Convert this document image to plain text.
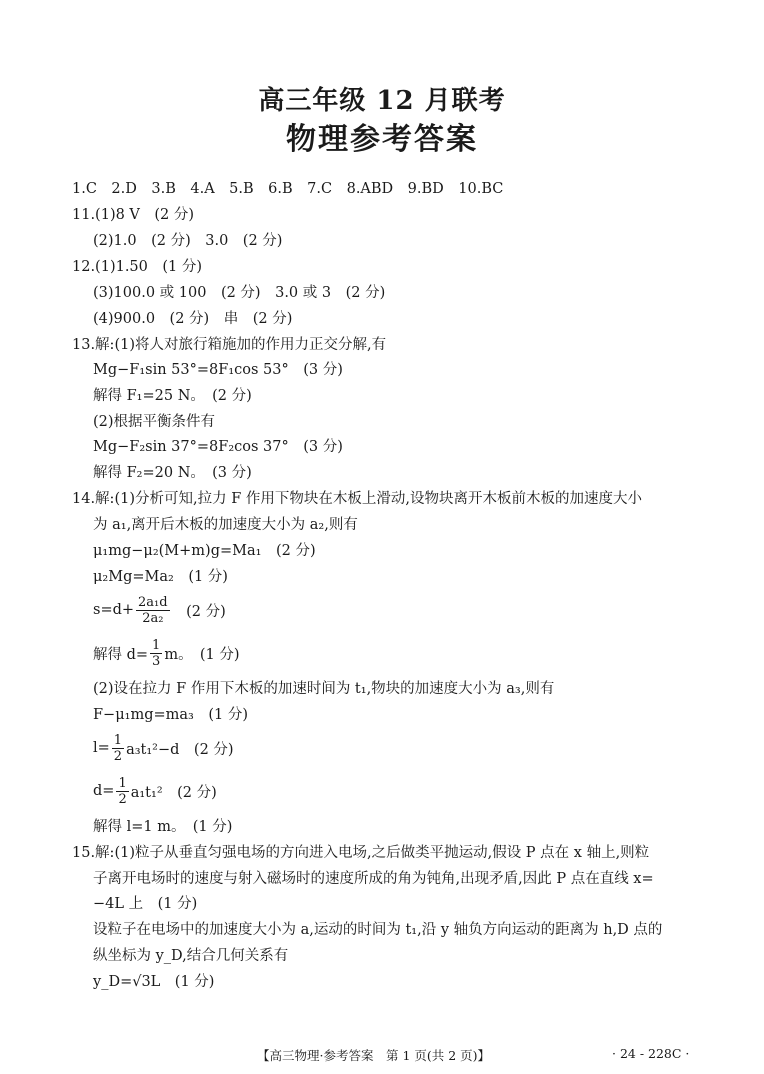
高三年级 12 月联考
物理参考答案
1.C　2.D　3.B　4.A　5.B　6.B　7.C　8.ABD　9.BD　10.BC
11.(1)8 V　(2 分)
(2)1.0　(2 分)　3.0　(2 分)
12.(1)1.50　(1 分)
(3)100.0 或 100　(2 分)　3.0 或 3　(2 分)
(4)900.0　(2 分)　串　(2 分)
13.解:(1)将人对旅行箱施加的作用力正交分解,有
Mg−F₁sin 53°=8F₁cos 53°　(3 分)
解得 F₁=25 N。　(2 分)
(2)根据平衡条件有
Mg−F₂sin 37°=8F₂cos 37°　(3 分)
解得 F₂=20 N。　(3 分)
14.解:(1)分析可知,拉力 F 作用下物块在木板上滑动,设物块离开木板前木板的加速度大小
为 a₁,离开后木板的加速度大小为 a₂,则有
μ₁mg−μ₂(M+m)g=Ma₁　(2 分)
μ₂Mg=Ma₂　(1 分)
$s=d+ \frac{\text{2a₁d}}{\text{2a₂}}$ 　(2 分)
解得 $d= \frac{1}{3}$ m。　(1 分)
(2)设在拉力 F 作用下木板的加速时间为 t₁,物块的加速度大小为 a₃,则有
F−μ₁mg=ma₃　(1 分)
$l= \frac{1}{2} a_3t_1^2-d$　(2 分)
$d= \frac{1}{2} a_1t_1^2$　(2 分)
解得 l=1 m。　(1 分)
15.解:(1)粒子从垂直匀强电场的方向进入电场,之后做类平抛运动,假设 P 点在 x 轴上,则粒
子离开电场时的速度与射入磁场时的速度所成的角为钝角,出现矛盾,因此 P 点在直线 x=
−4L 上　(1 分)
设粒子在电场中的加速度大小为 a,运动的时间为 t₁,沿 y 轴负方向运动的距离为 h,D 点的
纵坐标为 y_D,结合几何关系有
y_D=√3L　(1 分)
【高三物理·参考答案　第 1 页(共 2 页)】	· 24 - 228C ·
